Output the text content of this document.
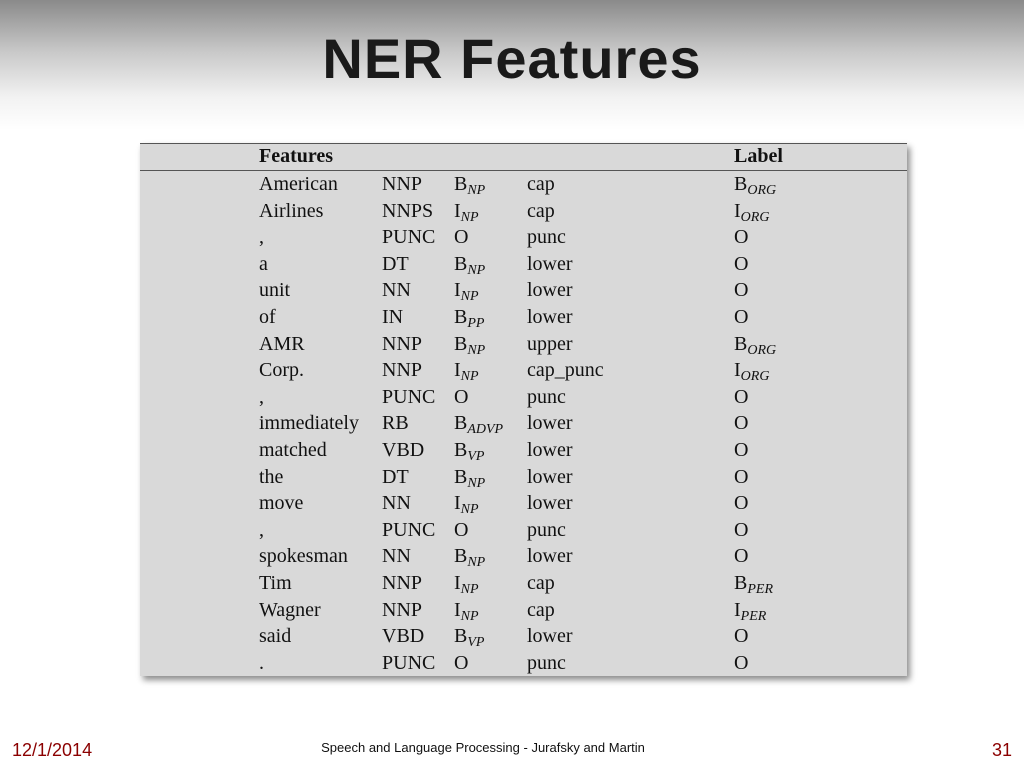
NER Features
Features	Label
American NNP $B_{NP}$ cap	$B_{ORG}$
Airlines	NNPS $I_{NP}$ cap	$I_{ORG}$
,	PUNC O	punc	O
a	DT $B_{NP}$ lower	O
unit	NN $I_{NP}$ lower	O
of	IN	$B_{PP}$ lower	O
AMR	NNP $B_{NP}$ upper	$B_{ORG}$
Corp.	NNP $I_{NP}$ cap_punc	$I_{ORG}$
,	PUNC O	punc	O
immediately RB $B_{ADVP}$ lower	O
matched	VBD $B_{VP}$ lower	O
the	DT $B_{NP}$ lower	O
move	NN $I_{NP}$ lower	O
,	PUNC O	punc	O
spokesman NN $B_{NP}$ lower	O
Tim	NNP $I_{NP}$ cap	$B_{PER}$
Wagner	NNP $I_{NP}$ cap	$I_{PER}$
said	VBD $B_{VP}$ lower	O
.	PUNC O	punc	O
12/1/2014	Speech and Language Processing - Jurafsky and Martin	31
